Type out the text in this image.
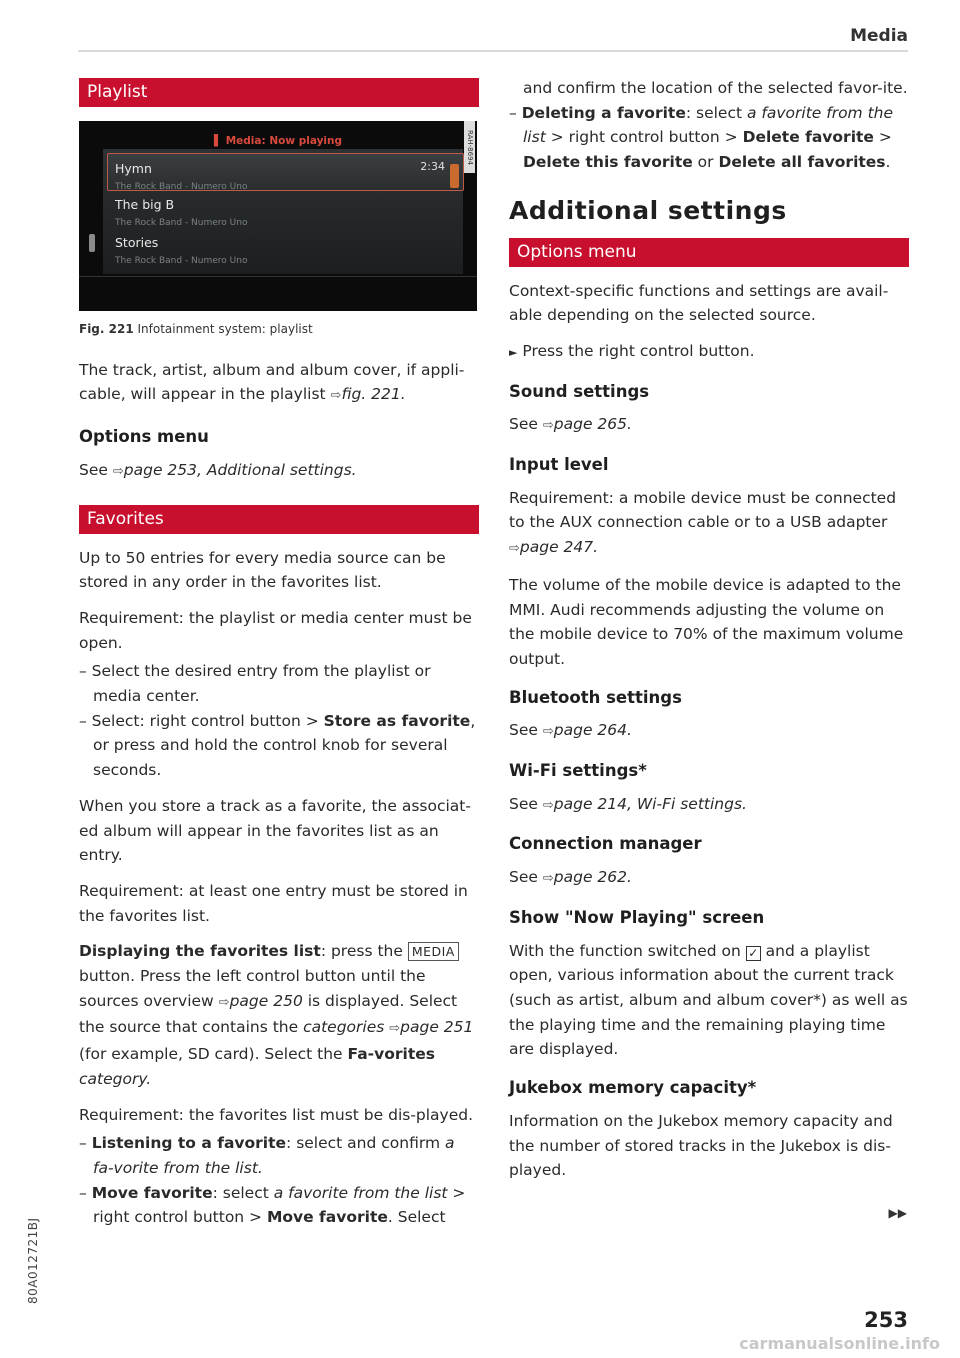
Media
Playlist
▌ Media: Now playing	RAH-8694
Hymn
The Rock Band - Numero Uno
2:34
The big B
The Rock Band - Numero Uno
Stories
The Rock Band - Numero Uno
Fig. 221 Infotainment system: playlist

The track, artist, album and album cover, if appli-cable, will appear in the playlist ⇨fig. 221.

Options menu

See ⇨page 253, Additional settings.

Favorites

Up to 50 entries for every media source can be stored in any order in the favorites list.

Requirement: the playlist or media center must be open.

– Select the desired entry from the playlist or media center.

– Select: right control button > Store as favorite, or press and hold the control knob for several seconds.

When you store a track as a favorite, the associat-ed album will appear in the favorites list as an entry.

Requirement: at least one entry must be stored in the favorites list.

Displaying the favorites list: press the MEDIA button. Press the left control button until the sources overview ⇨page 250 is displayed. Select the source that contains the categories ⇨page 251 (for example, SD card). Select the Fa-vorites category.

Requirement: the favorites list must be dis-played.

– Listening to a favorite: select and confirm a fa-vorite from the list.

– Move favorite: select a favorite from the list > right control button > Move favorite. Select

and confirm the location of the selected favor-ite.

– Deleting a favorite: select a favorite from the list > right control button > Delete favorite > Delete this favorite or Delete all favorites.

Additional settings
Options menu

Context-specific functions and settings are avail-able depending on the selected source.

► Press the right control button.

Sound settings

See ⇨page 265.

Input level

Requirement: a mobile device must be connected to the AUX connection cable or to a USB adapter ⇨page 247.

The volume of the mobile device is adapted to the MMI. Audi recommends adjusting the volume on the mobile device to 70% of the maximum volume output.

Bluetooth settings

See ⇨page 264.

Wi-Fi settings*

See ⇨page 214, Wi-Fi settings.

Connection manager

See ⇨page 262.

Show "Now Playing" screen

With the function switched on ✓ and a playlist open, various information about the current track (such as artist, album and album cover*) as well as the playing time and the remaining playing time are displayed.

Jukebox memory capacity*

Information on the Jukebox memory capacity and the number of stored tracks in the Jukebox is dis-played.

▶▶
80A012721BJ
253
carmanualsonline.info
